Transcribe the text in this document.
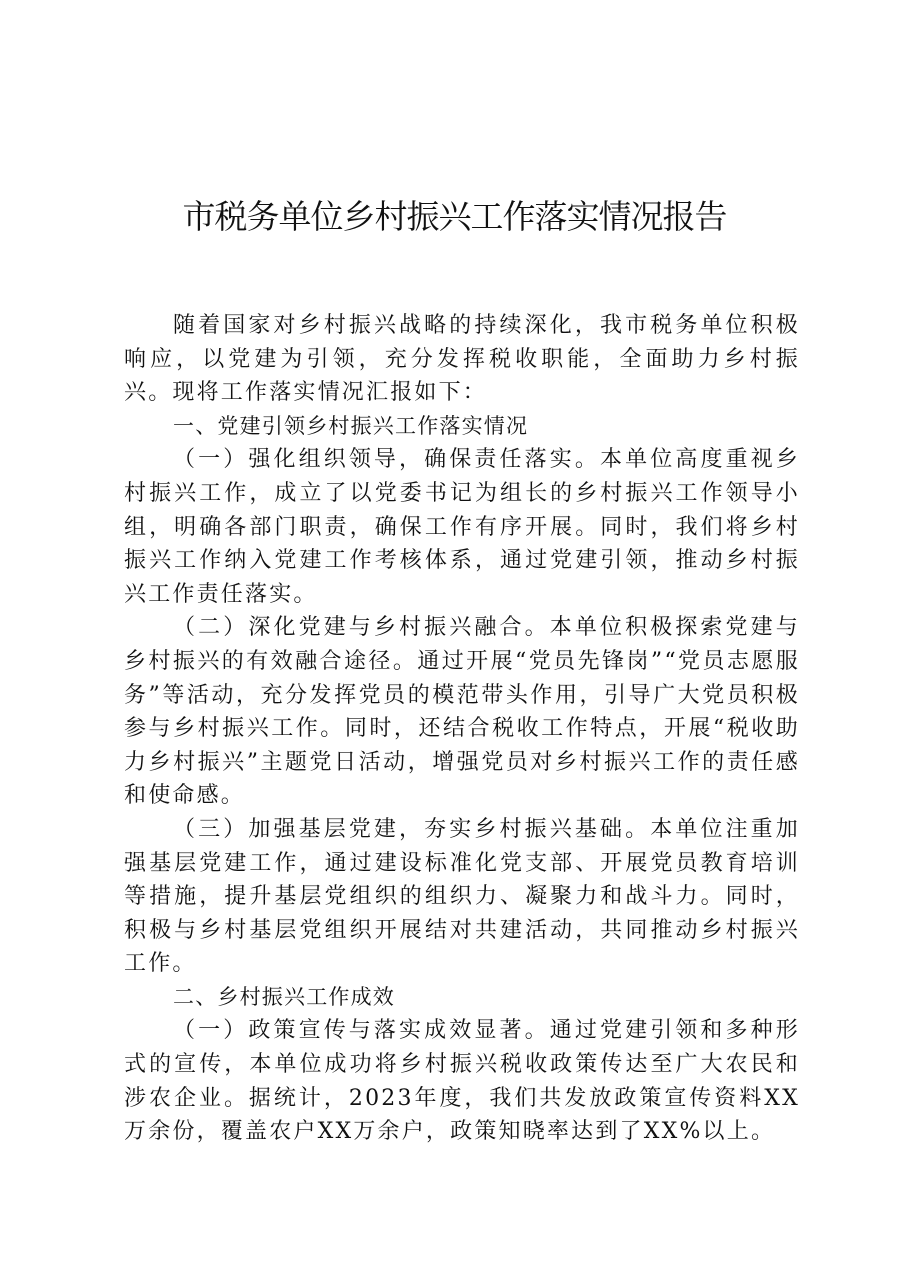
市税务单位乡村振兴工作落实情况报告

随着国家对乡村振兴战略的持续深化，我市税务单位积极响应，以党建为引领，充分发挥税收职能，全面助力乡村振兴。现将工作落实情况汇报如下：

一、党建引领乡村振兴工作落实情况

（一）强化组织领导，确保责任落实。本单位高度重视乡村振兴工作，成立了以党委书记为组长的乡村振兴工作领导小组，明确各部门职责，确保工作有序开展。同时，我们将乡村振兴工作纳入党建工作考核体系，通过党建引领，推动乡村振兴工作责任落实。

（二）深化党建与乡村振兴融合。本单位积极探索党建与乡村振兴的有效融合途径。通过开展“党员先锋岗”“党员志愿服务”等活动，充分发挥党员的模范带头作用，引导广大党员积极参与乡村振兴工作。同时，还结合税收工作特点，开展“税收助力乡村振兴”主题党日活动，增强党员对乡村振兴工作的责任感和使命感。

（三）加强基层党建，夯实乡村振兴基础。本单位注重加强基层党建工作，通过建设标准化党支部、开展党员教育培训等措施，提升基层党组织的组织力、凝聚力和战斗力。同时，积极与乡村基层党组织开展结对共建活动，共同推动乡村振兴工作。

二、乡村振兴工作成效

（一）政策宣传与落实成效显著。通过党建引领和多种形式的宣传，本单位成功将乡村振兴税收政策传达至广大农民和涉农企业。据统计，2023年度，我们共发放政策宣传资料XX万余份，覆盖农户XX万余户，政策知晓率达到了XX%以上。
